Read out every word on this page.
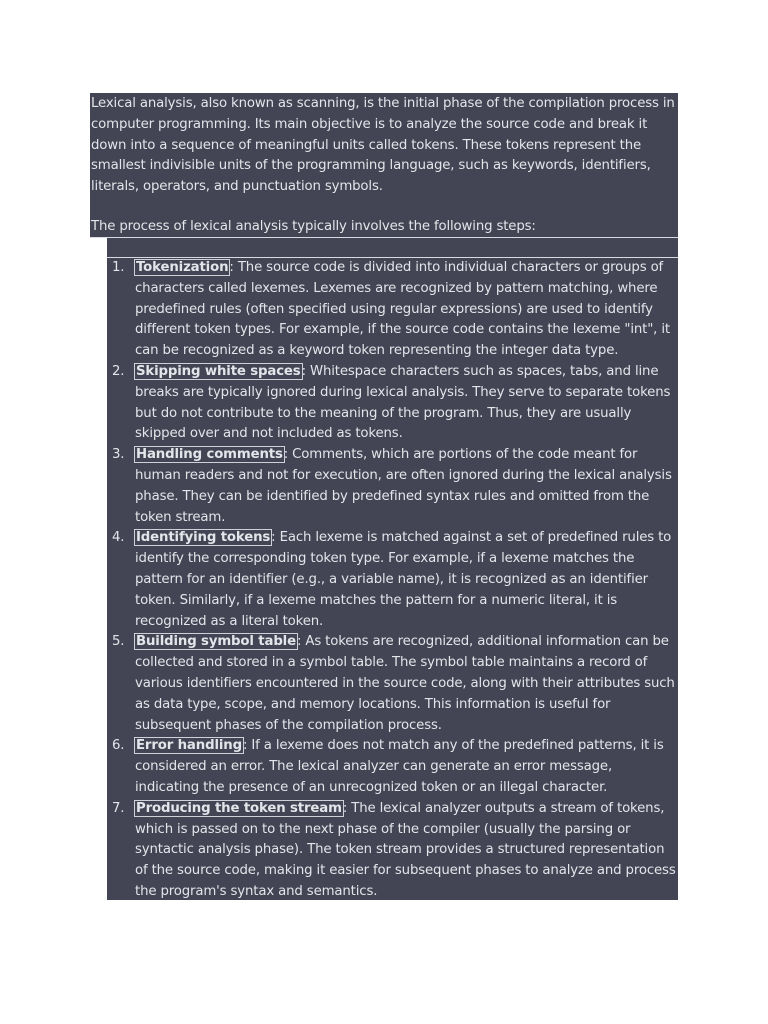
Lexical analysis, also known as scanning, is the initial phase of the compilation process in computer programming. Its main objective is to analyze the source code and break it down into a sequence of meaningful units called tokens. These tokens represent the smallest indivisible units of the programming language, such as keywords, identifiers, literals, operators, and punctuation symbols.

The process of lexical analysis typically involves the following steps:

1. Tokenization: The source code is divided into individual characters or groups of characters called lexemes. Lexemes are recognized by pattern matching, where predefined rules (often specified using regular expressions) are used to identify different token types. For example, if the source code contains the lexeme "int", it can be recognized as a keyword token representing the integer data type.
2. Skipping white spaces: Whitespace characters such as spaces, tabs, and line breaks are typically ignored during lexical analysis. They serve to separate tokens but do not contribute to the meaning of the program. Thus, they are usually skipped over and not included as tokens.
3. Handling comments: Comments, which are portions of the code meant for human readers and not for execution, are often ignored during the lexical analysis phase. They can be identified by predefined syntax rules and omitted from the token stream.
4. Identifying tokens: Each lexeme is matched against a set of predefined rules to identify the corresponding token type. For example, if a lexeme matches the pattern for an identifier (e.g., a variable name), it is recognized as an identifier token. Similarly, if a lexeme matches the pattern for a numeric literal, it is recognized as a literal token.
5. Building symbol table: As tokens are recognized, additional information can be collected and stored in a symbol table. The symbol table maintains a record of various identifiers encountered in the source code, along with their attributes such as data type, scope, and memory locations. This information is useful for subsequent phases of the compilation process.
6. Error handling: If a lexeme does not match any of the predefined patterns, it is considered an error. The lexical analyzer can generate an error message, indicating the presence of an unrecognized token or an illegal character.
7. Producing the token stream: The lexical analyzer outputs a stream of tokens, which is passed on to the next phase of the compiler (usually the parsing or syntactic analysis phase). The token stream provides a structured representation of the source code, making it easier for subsequent phases to analyze and process the program's syntax and semantics.
